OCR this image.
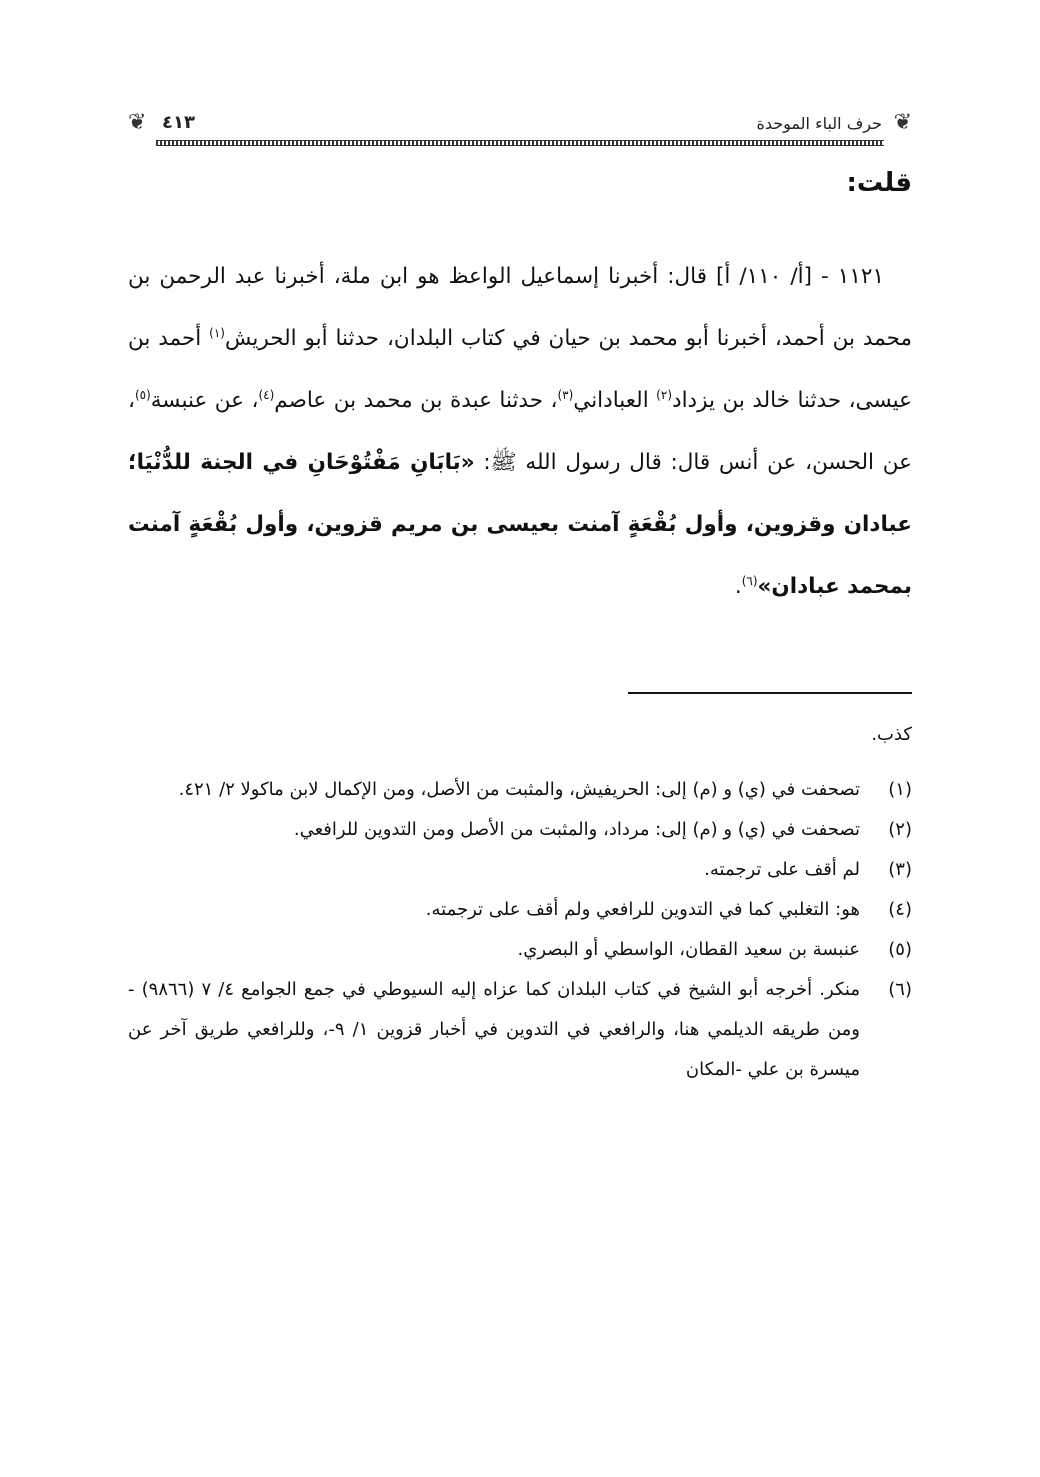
❦
حرف الباء الموحدة
٤١٣
❦
قلت:
١١٢١ - [أ/ ١١٠/ أ] قال: أخبرنا إسماعيل الواعظ هو ابن ملة، أخبرنا عبد الرحمن بن محمد بن أحمد، أخبرنا أبو محمد بن حيان في كتاب البلدان، حدثنا أبو الحريش$^{(١)}$ أحمد بن عيسى، حدثنا خالد بن يزداد$^{(٢)}$ العباداني$^{(٣)}$، حدثنا عبدة بن محمد بن عاصم$^{(٤)}$، عن عنبسة$^{(٥)}$، عن الحسن، عن أنس قال: قال رسول الله ﷺ: «بَابَانِ مَفْتُوْحَانِ في الجنة للدُّنْيَا؛ عبادان وقزوين، وأول بُقْعَةٍ آمنت بعيسى بن مريم قزوين، وأول بُقْعَةٍ آمنت بمحمد عبادان»$^{(٦)}$.
كذب.
(١)
تصحفت في (ي) و (م) إلى: الحريفيش، والمثبت من الأصل، ومن الإكمال لابن ماكولا ٢/ ٤٢١.
(٢)
تصحفت في (ي) و (م) إلى: مرداد، والمثبت من الأصل ومن التدوين للرافعي.
(٣)
لم أقف على ترجمته.
(٤)
هو: التغلبي كما في التدوين للرافعي ولم أقف على ترجمته.
(٥)
عنبسة بن سعيد القطان، الواسطي أو البصري.
(٦)
منكر. أخرجه أبو الشيخ في كتاب البلدان كما عزاه إليه السيوطي في جمع الجوامع ٤/ ٧ (٩٨٦٦) - ومن طريقه الديلمي هنا، والرافعي في التدوين في أخبار قزوين ١/ ٩-، وللرافعي طريق آخر عن ميسرة بن علي -المكان
